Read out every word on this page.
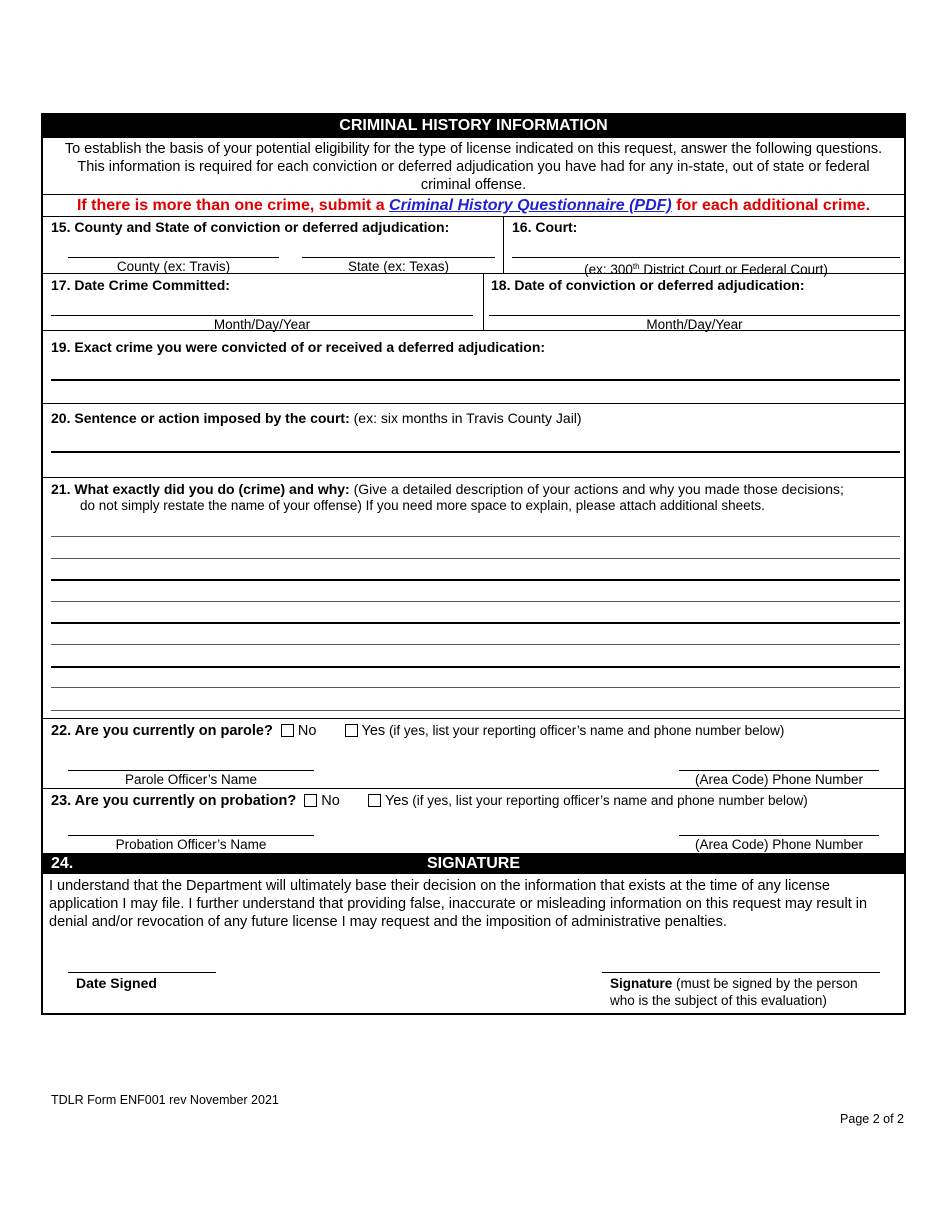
CRIMINAL HISTORY INFORMATION
To establish the basis of your potential eligibility for the type of license indicated on this request, answer the following questions. This information is required for each conviction or deferred adjudication you have had for any in-state, out of state or federal criminal offense.
If there is more than one crime, submit a Criminal History Questionnaire (PDF) for each additional crime.
15. County and State of conviction or deferred adjudication:	16. Court:
County (ex: Travis)	State (ex: Texas)	(ex: 300th District Court or Federal Court)
17. Date Crime Committed:	18. Date of conviction or deferred adjudication:
Month/Day/Year	Month/Day/Year
19. Exact crime you were convicted of or received a deferred adjudication:
20. Sentence or action imposed by the court: (ex: six months in Travis County Jail)
21. What exactly did you do (crime) and why: (Give a detailed description of your actions and why you made those decisions;
do not simply restate the name of your offense) If you need more space to explain, please attach additional sheets.
22. Are you currently on parole? No	Yes (if yes, list your reporting officer’s name and phone number below)
Parole Officer’s Name	(Area Code) Phone Number
23. Are you currently on probation? No	Yes (if yes, list your reporting officer’s name and phone number below)
Probation Officer’s Name	(Area Code) Phone Number
24.	SIGNATURE
I understand that the Department will ultimately base their decision on the information that exists at the time of any license application I may file. I further understand that providing false, inaccurate or misleading information on this request may result in denial and/or revocation of any future license I may request and the imposition of administrative penalties.
Date Signed	Signature (must be signed by the person
who is the subject of this evaluation)
TDLR Form ENF001 rev November 2021
Page 2 of 2
